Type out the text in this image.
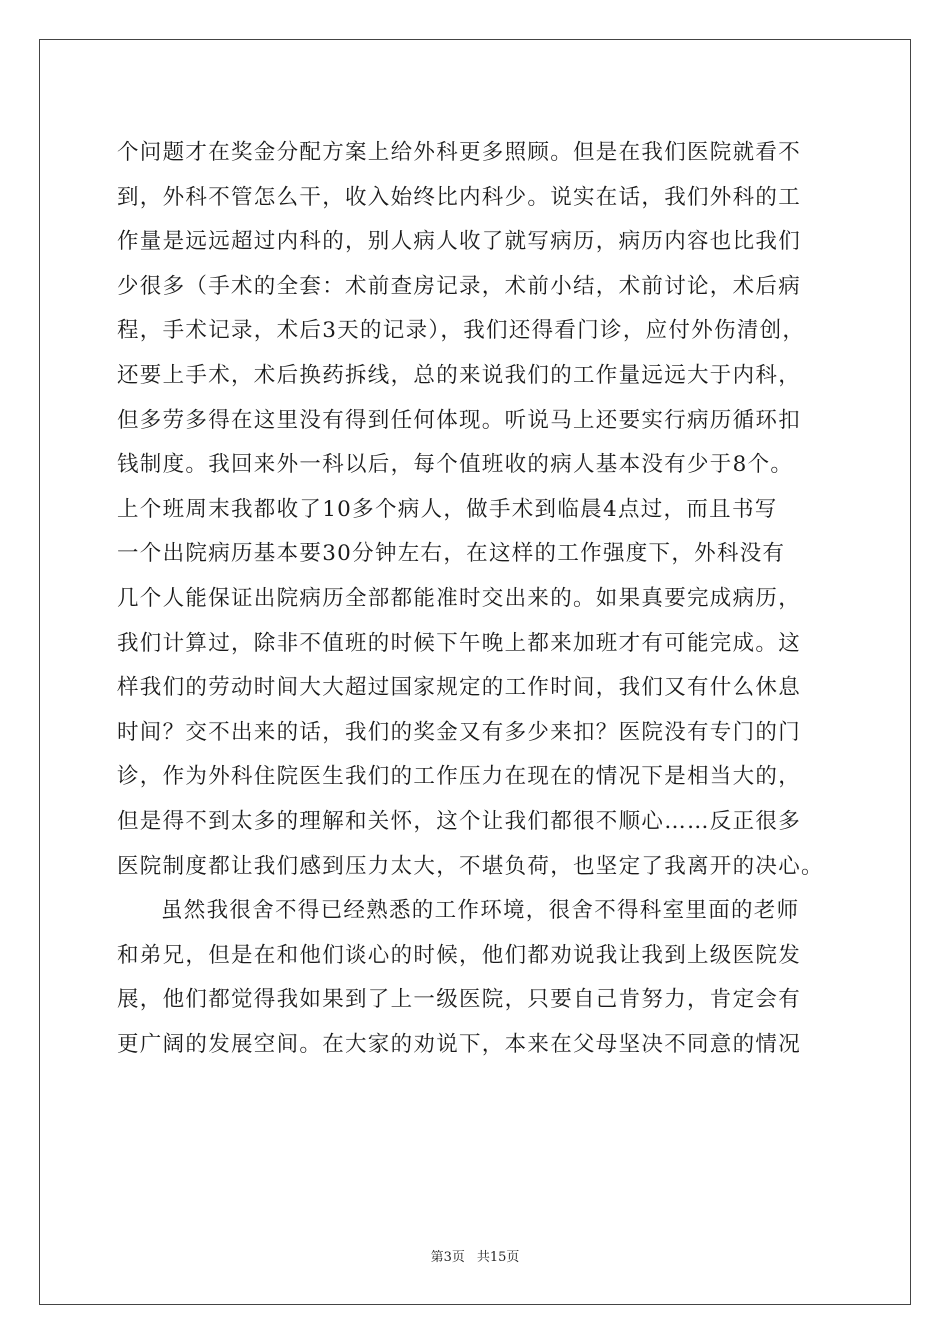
个问题才在奖金分配方案上给外科更多照顾。但是在我们医院就看不
到，外科不管怎么干，收入始终比内科少。说实在话，我们外科的工
作量是远远超过内科的，别人病人收了就写病历，病历内容也比我们
少很多（手术的全套：术前查房记录，术前小结，术前讨论，术后病
程，手术记录，术后3天的记录），我们还得看门诊，应付外伤清创，
还要上手术，术后换药拆线，总的来说我们的工作量远远大于内科，
但多劳多得在这里没有得到任何体现。听说马上还要实行病历循环扣
钱制度。我回来外一科以后，每个值班收的病人基本没有少于8个。
上个班周末我都收了10多个病人，做手术到临晨4点过，而且书写
一个出院病历基本要30分钟左右，在这样的工作强度下，外科没有
几个人能保证出院病历全部都能准时交出来的。如果真要完成病历，
我们计算过，除非不值班的时候下午晚上都来加班才有可能完成。这
样我们的劳动时间大大超过国家规定的工作时间，我们又有什么休息
时间？交不出来的话，我们的奖金又有多少来扣？医院没有专门的门
诊，作为外科住院医生我们的工作压力在现在的情况下是相当大的，
但是得不到太多的理解和关怀，这个让我们都很不顺心……反正很多
医院制度都让我们感到压力太大，不堪负荷，也坚定了我离开的决心。
虽然我很舍不得已经熟悉的工作环境，很舍不得科室里面的老师
和弟兄，但是在和他们谈心的时候，他们都劝说我让我到上级医院发
展，他们都觉得我如果到了上一级医院，只要自己肯努力，肯定会有
更广阔的发展空间。在大家的劝说下，本来在父母坚决不同意的情况
第3页 共15页
